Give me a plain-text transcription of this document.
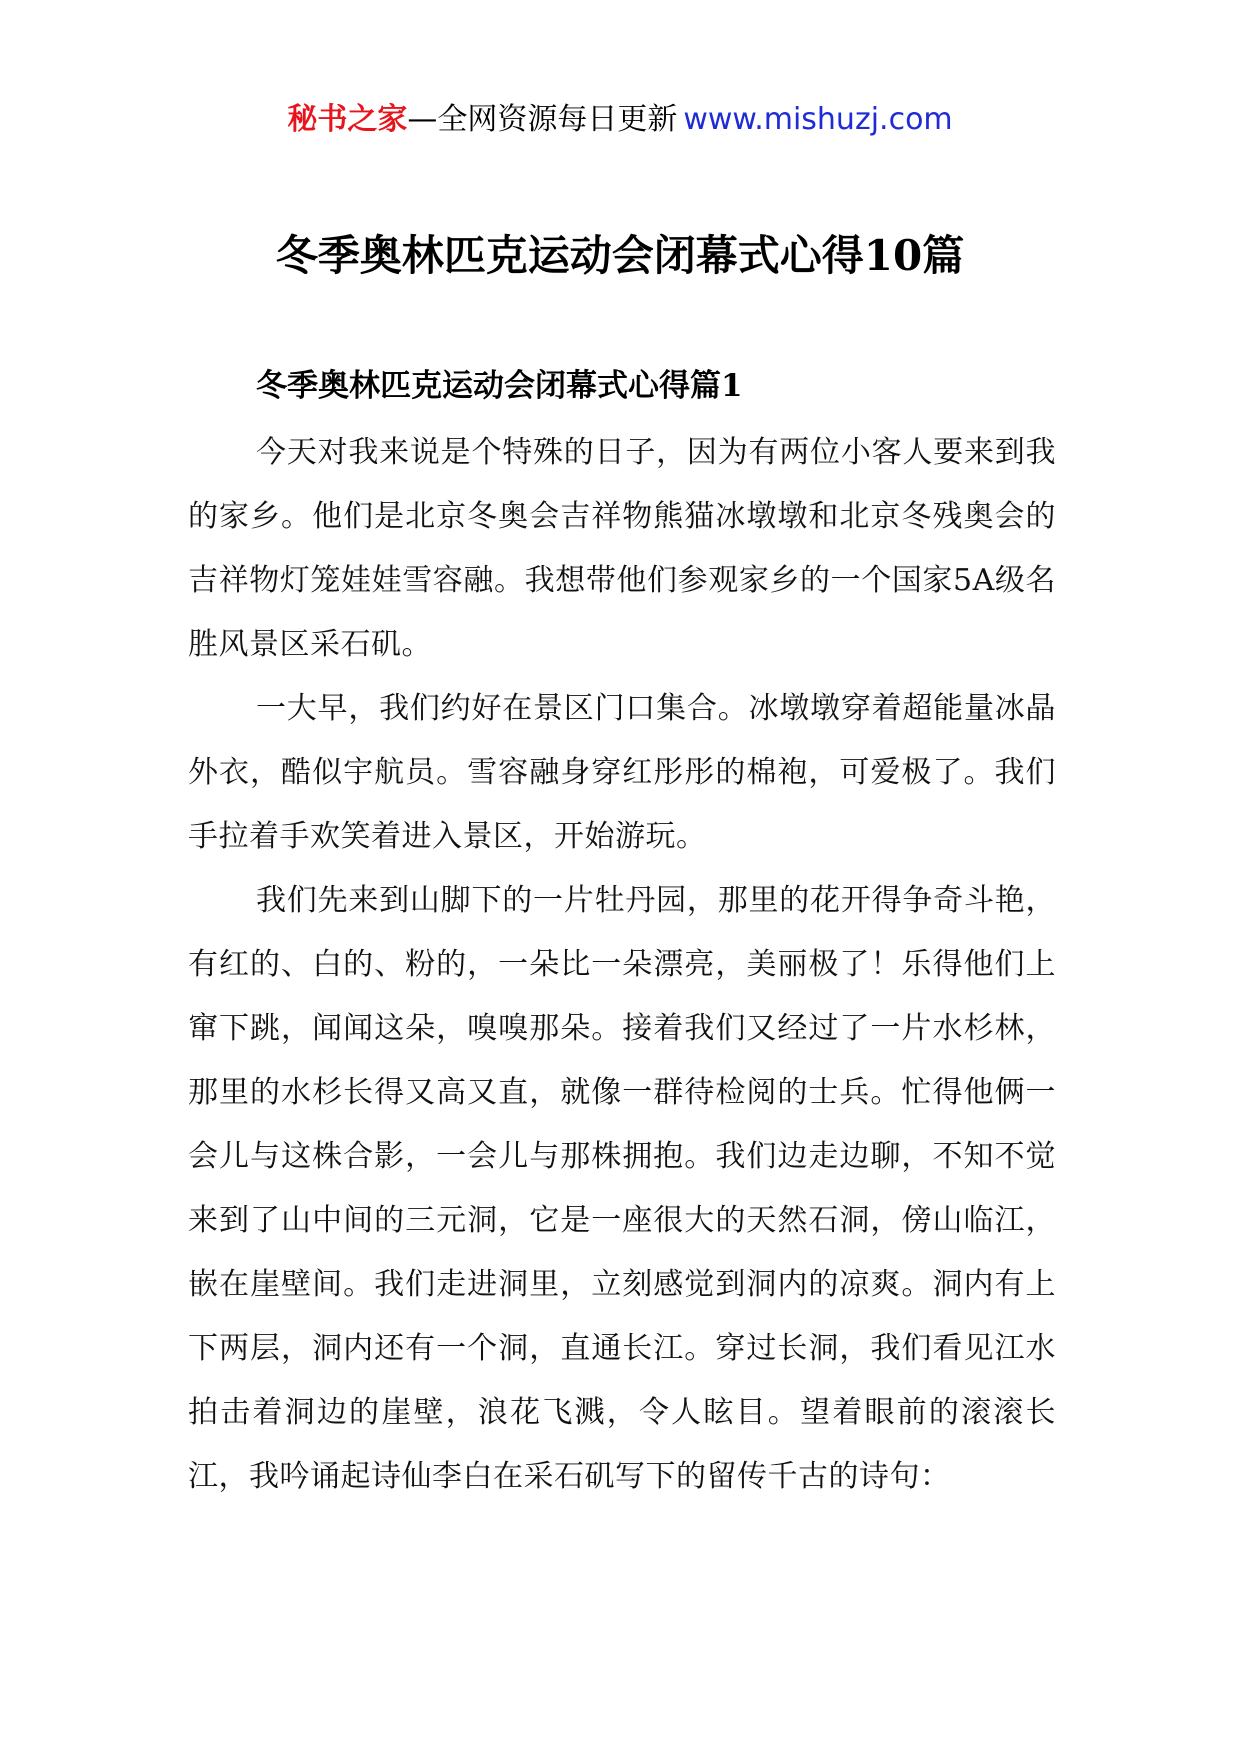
秘书之家—全网资源每日更新 www.mishuzj.com
冬季奥林匹克运动会闭幕式心得10篇
冬季奥林匹克运动会闭幕式心得篇1

今天对我来说是个特殊的日子，因为有两位小客人要来到我的家乡。他们是北京冬奥会吉祥物熊猫冰墩墩和北京冬残奥会的吉祥物灯笼娃娃雪容融。我想带他们参观家乡的一个国家5A级名胜风景区采石矶。

一大早，我们约好在景区门口集合。冰墩墩穿着超能量冰晶外衣，酷似宇航员。雪容融身穿红彤彤的棉袍，可爱极了。我们手拉着手欢笑着进入景区，开始游玩。

我们先来到山脚下的一片牡丹园，那里的花开得争奇斗艳，有红的、白的、粉的，一朵比一朵漂亮，美丽极了！乐得他们上窜下跳，闻闻这朵，嗅嗅那朵。接着我们又经过了一片水杉林，那里的水杉长得又高又直，就像一群待检阅的士兵。忙得他俩一会儿与这株合影，一会儿与那株拥抱。我们边走边聊，不知不觉来到了山中间的三元洞，它是一座很大的天然石洞，傍山临江，嵌在崖壁间。我们走进洞里，立刻感觉到洞内的凉爽。洞内有上下两层，洞内还有一个洞，直通长江。穿过长洞，我们看见江水拍击着洞边的崖壁，浪花飞溅，令人眩目。望着眼前的滚滚长江，我吟诵起诗仙李白在采石矶写下的留传千古的诗句：
